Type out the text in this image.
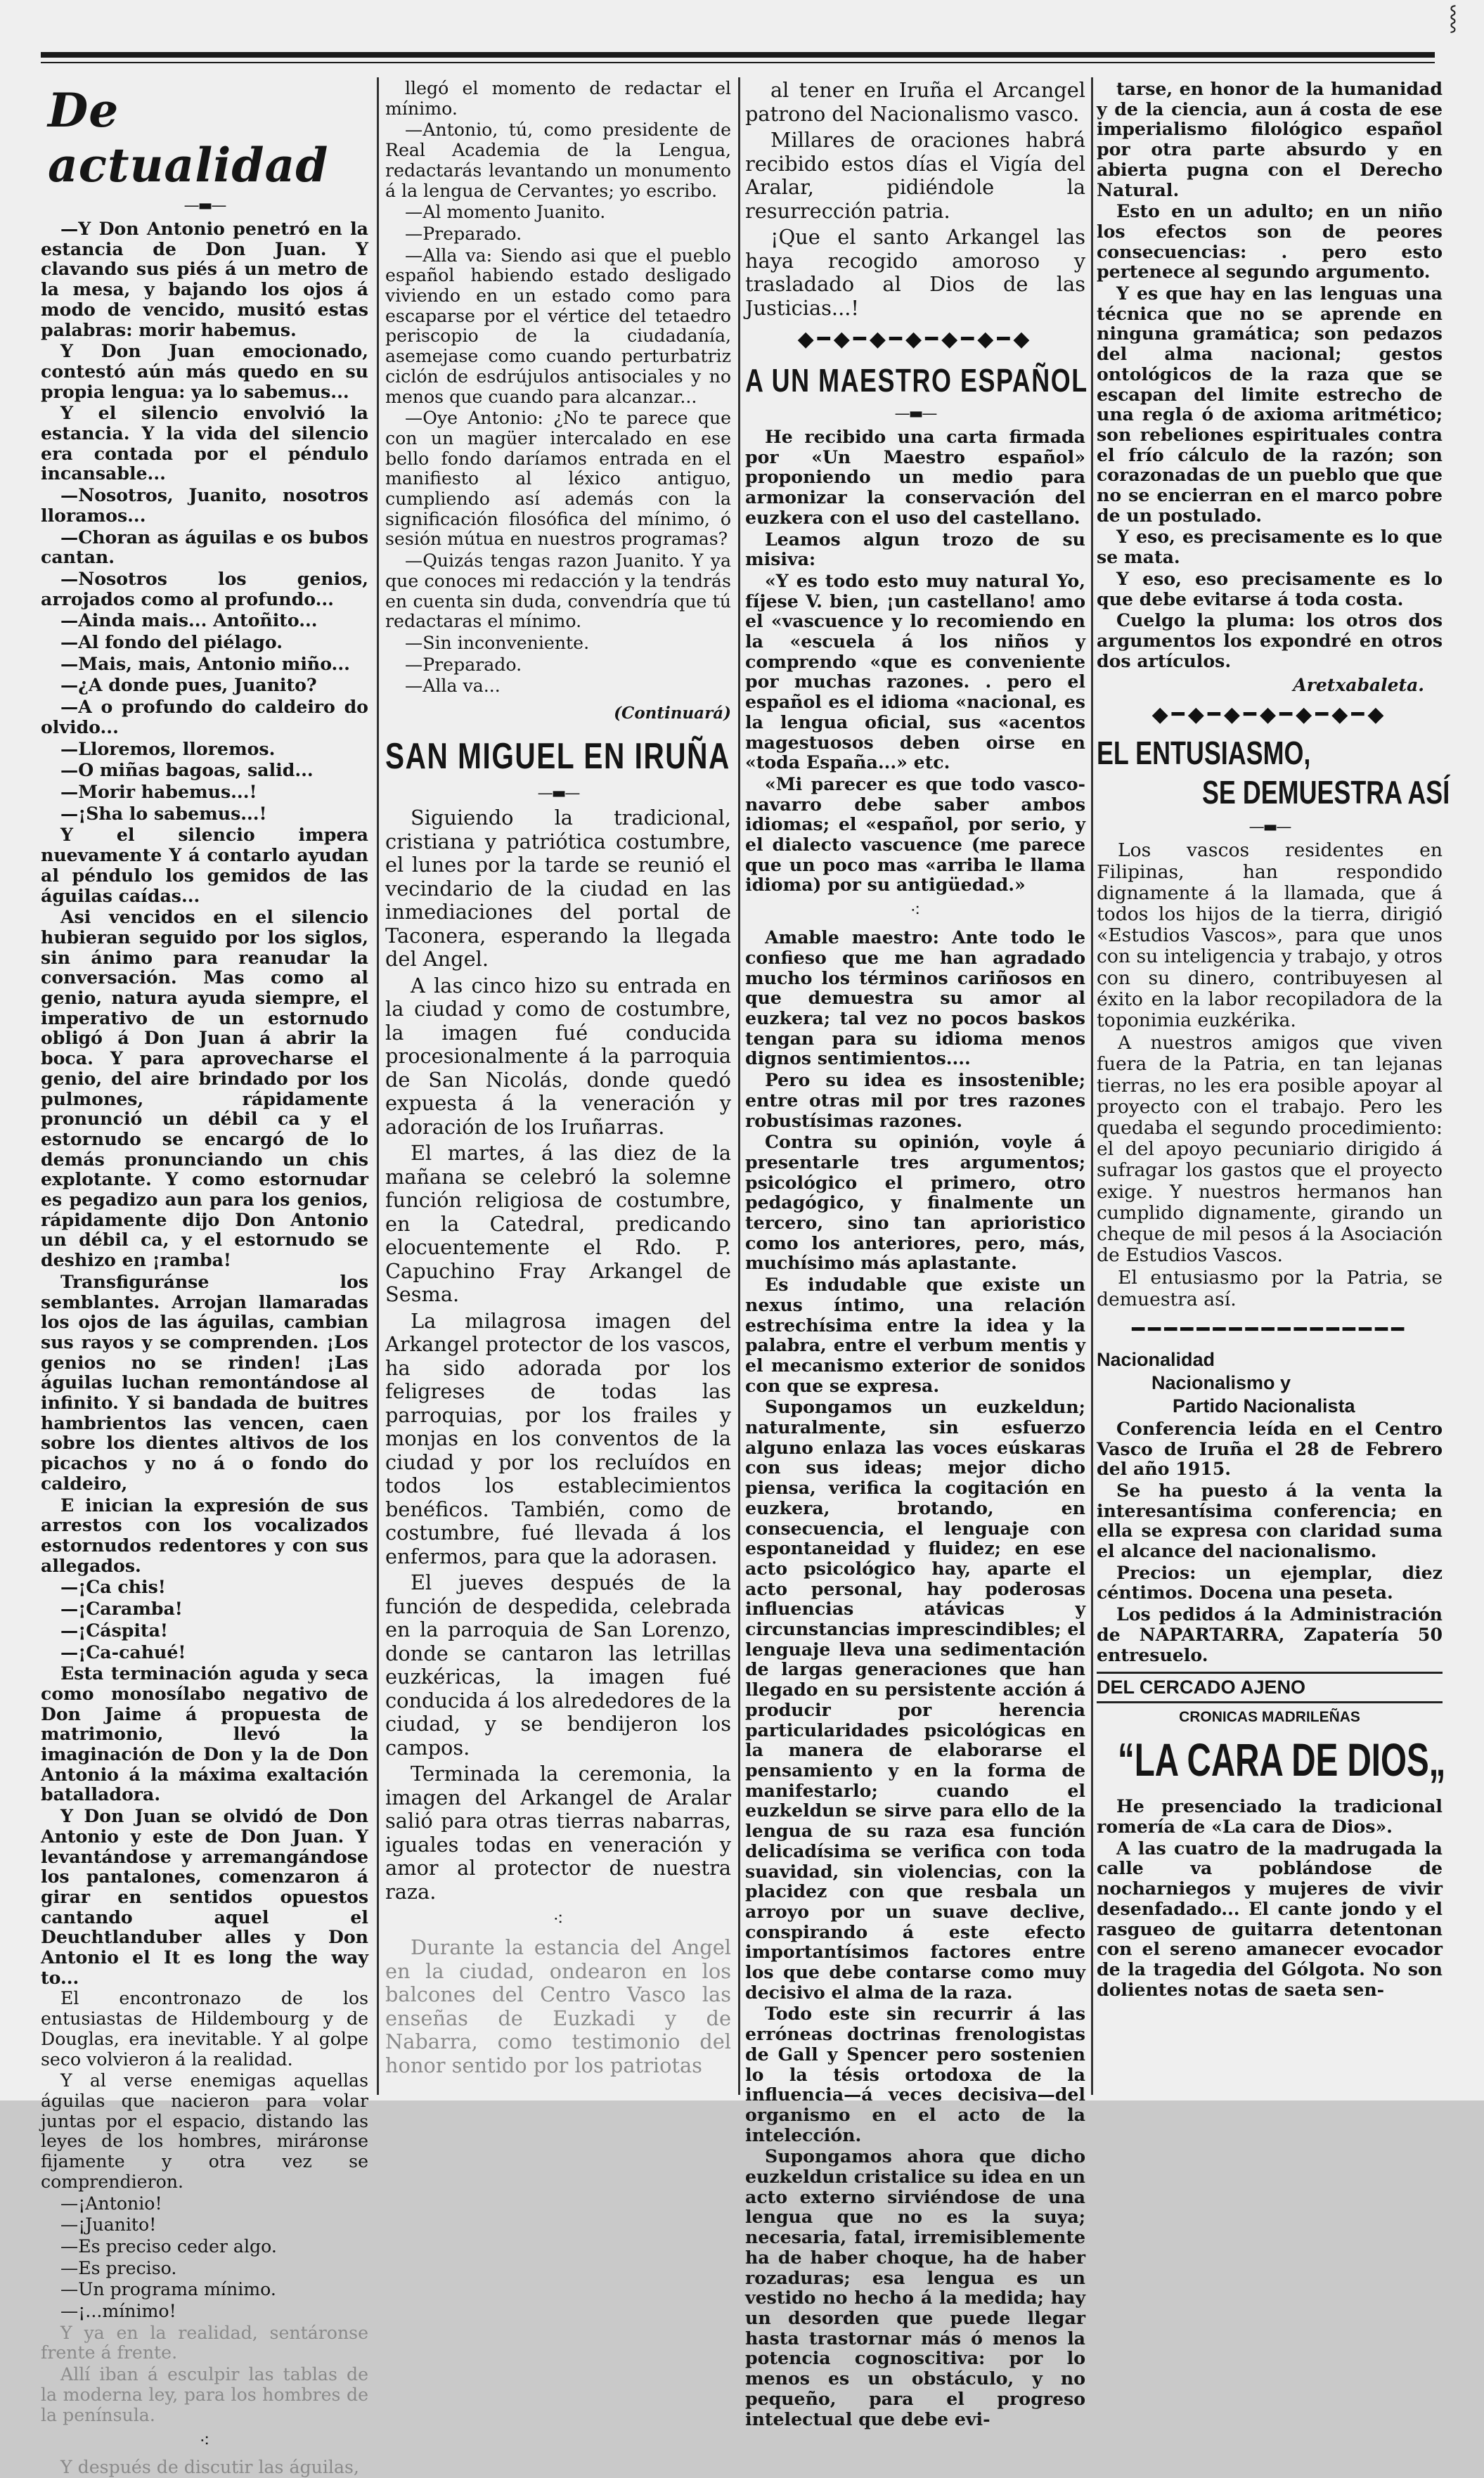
⸾
De actualidad
—▬—

—Y Don Antonio penetró en la estancia de Don Juan. Y clavando sus piés á un metro de la mesa, y bajando los ojos á modo de vencido, musitó estas palabras: morir habemus.

Y Don Juan emocionado, contestó aún más quedo en su propia lengua: ya lo sabemus...

Y el silencio envolvió la estancia. Y la vida del silencio era contada por el péndulo incansable...

—Nosotros, Juanito, nosotros lloramos...

—Choran as águilas e os bubos cantan.

—Nosotros los genios, arrojados como al profundo...

—Ainda mais... Antoñito...

—Al fondo del piélago.

—Mais, mais, Antonio miño...

—¿A donde pues, Juanito?

—A o profundo do caldeiro do olvido...

—Lloremos, lloremos.

—O miñas bagoas, salid...

—Morir habemus...!

—¡Sha lo sabemus...!

Y el silencio impera nuevamente Y á contarlo ayudan al péndulo los gemidos de las águilas caídas...

Asi vencidos en el silencio hubieran seguido por los siglos, sin ánimo para reanudar la conversación. Mas como al genio, natura ayuda siempre, el imperativo de un estornudo obligó á Don Juan á abrir la boca. Y para aprovecharse el genio, del aire brindado por los pulmones, rápidamente pronunció un débil ca y el estornudo se encargó de lo demás pronunciando un chis explotante. Y como estornudar es pegadizo aun para los genios, rápidamente dijo Don Antonio un débil ca, y el estornudo se deshizo en ¡ramba!

Transfiguránse los semblantes. Arrojan llamaradas los ojos de las águilas, cambian sus rayos y se comprenden. ¡Los genios no se rinden! ¡Las águilas luchan remontándose al infinito. Y si bandada de buitres hambrientos las vencen, caen sobre los dientes altivos de los picachos y no á o fondo do caldeiro,

E inician la expresión de sus arrestos con los vocalizados estornudos redentores y con sus allegados.

—¡Ca chis!

—¡Caramba!

—¡Cáspita!

—¡Ca-cahué!

Esta terminación aguda y seca como monosílabo negativo de Don Jaime á propuesta de matrimonio, llevó la imaginación de Don y la de Don Antonio á la máxima exaltación batalladora.

Y Don Juan se olvidó de Don Antonio y este de Don Juan. Y levantándose y arremangándose los pantalones, comenzaron á girar en sentidos opuestos cantando aquel el Deuchtlanduber alles y Don Antonio el It es long the way to...

El encontronazo de los entusiastas de Hildembourg y de Douglas, era inevitable. Y al golpe seco volvieron á la realidad.

Y al verse enemigas aquellas águilas que nacieron para volar juntas por el espacio, distando las leyes de los hombres, miráronse fijamente y otra vez se comprendieron.

—¡Antonio!

—¡Juanito!

—Es preciso ceder algo.

—Es preciso.

—Un programa mínimo.

—¡...mínimo!

Y ya en la realidad, sentáronse frente á frente.

Allí iban á esculpir las tablas de la moderna ley, para los hombres de la península.

⁖

Y después de discutir las águilas,

llegó el momento de redactar el mínimo.

—Antonio, tú, como presidente de Real Academia de la Lengua, redactarás levantando un monumento á la lengua de Cervantes; yo escribo.

—Al momento Juanito.

—Preparado.

—Alla va: Siendo asi que el pueblo español habiendo estado desligado viviendo en un estado como para escaparse por el vértice del tetaedro periscopio de la ciudadanía, asemejase como cuando perturbatriz ciclón de esdrújulos antisociales y no menos que cuando para alcanzar...

—Oye Antonio: ¿No te parece que con un magüer intercalado en ese bello fondo daríamos entrada en el manifiesto al léxico antiguo, cumpliendo así además con la significación filosófica del mínimo, ó sesión mútua en nuestros programas?

—Quizás tengas razon Juanito. Y ya que conoces mi redacción y la tendrás en cuenta sin duda, convendría que tú redactaras el mínimo.

—Sin inconveniente.

—Preparado.

—Alla va...

(Continuará)
SAN MIGUEL EN IRUÑA
—▬—

Siguiendo la tradicional, cristiana y patriótica costumbre, el lunes por la tarde se reunió el vecindario de la ciudad en las inmediaciones del portal de Taconera, esperando la llegada del Angel.

A las cinco hizo su entrada en la ciudad y como de costumbre, la imagen fué conducida procesionalmente á la parroquia de San Nicolás, donde quedó expuesta á la veneración y adoración de los Iruñarras.

El martes, á las diez de la mañana se celebró la solemne función religiosa de costumbre, en la Catedral, predicando elocuentemente el Rdo. P. Capuchino Fray Arkangel de Sesma.

La milagrosa imagen del Arkangel protector de los vascos, ha sido adorada por los feligreses de todas las parroquias, por los frailes y monjas en los conventos de la ciudad y por los recluídos en todos los establecimientos benéficos. También, como de costumbre, fué llevada á los enfermos, para que la adorasen.

El jueves después de la función de despedida, celebrada en la parroquia de San Lorenzo, donde se cantaron las letrillas euzkéricas, la imagen fué conducida á los alrededores de la ciudad, y se bendijeron los campos.

Terminada la ceremonia, la imagen del Arkangel de Aralar salió para otras tierras nabarras, iguales todas en veneración y amor al protector de nuestra raza.

⁖

Durante la estancia del Angel en la ciudad, ondearon en los balcones del Centro Vasco las enseñas de Euzkadi y de Nabarra, como testimonio del honor sentido por los patriotas

al tener en Iruña el Arcangel patrono del Nacionalismo vasco.

Millares de oraciones habrá recibido estos días el Vigía del Aralar, pidiéndole la resurrección patria.

¡Que el santo Arkangel las haya recogido amoroso y trasladado al Dios de las Justicias...!

◆━◆━◆━◆━◆━◆━◆
A UN MAESTRO ESPAÑOL
—▬—

He recibido una carta firmada por «Un Maestro español» proponiendo un medio para armonizar la conservación del euzkera con el uso del castellano.

Leamos algun trozo de su misiva:

«Y es todo esto muy natural Yo, fíjese V. bien, ¡un castellano! amo el «vascuence y lo recomiendo en la «escuela á los niños y comprendo «que es conveniente por muchas razones. . pero el español es el idioma «nacional, es la lengua oficial, sus «acentos magestuosos deben oirse en «toda España...» etc.

«Mi parecer es que todo vasco-navarro debe saber ambos idiomas; el «español, por serio, y el dialecto vascuence (me parece que un poco mas «arriba le llama idioma) por su antigüedad.»

⁖

Amable maestro: Ante todo le confieso que me han agradado mucho los términos cariñosos en que demuestra su amor al euzkera; tal vez no pocos baskos tengan para su idioma menos dignos sentimientos....

Pero su idea es insostenible; entre otras mil por tres razones robustísimas razones.

Contra su opinión, voyle á presentarle tres argumentos; psicológico el primero, otro pedagógico, y finalmente un tercero, sino tan aprioristico como los anteriores, pero, más, muchísimo más aplastante.

Es indudable que existe un nexus íntimo, una relación estrechísima entre la idea y la palabra, entre el verbum mentis y el mecanismo exterior de sonidos con que se expresa.

Supongamos un euzkeldun; naturalmente, sin esfuerzo alguno enlaza las voces eúskaras con sus ideas; mejor dicho piensa, verifica la cogitación en euzkera, brotando, en consecuencia, el lenguaje con espontaneidad y fluidez; en ese acto psicológico hay, aparte el acto personal, hay poderosas influencias atávicas y circunstancias imprescindibles; el lenguaje lleva una sedimentación de largas generaciones que han llegado en su persistente acción á producir por herencia particularidades psicológicas en la manera de elaborarse el pensamiento y en la forma de manifestarlo; cuando el euzkeldun se sirve para ello de la lengua de su raza esa función delicadísima se verifica con toda suavidad, sin violencias, con la placidez con que resbala un arroyo por un suave declive, conspirando á este efecto importantísimos factores entre los que debe contarse como muy decisivo el alma de la raza.

Todo este sin recurrir á las erróneas doctrinas frenologistas de Gall y Spencer pero sostenien lo la tésis ortodoxa de la influencia—á veces decisiva—del organismo en el acto de la intelección.

Supongamos ahora que dicho euzkeldun cristalice su idea en un acto externo sirviéndose de una lengua que no es la suya; necesaria, fatal, irremisiblemente ha de haber choque, ha de haber rozaduras; esa lengua es un vestido no hecho á la medida; hay un desorden que puede llegar hasta trastornar más ó menos la potencia cognoscitiva: por lo menos es un obstáculo, y no pequeño, para el progreso intelectual que debe evi-

tarse, en honor de la humanidad y de la ciencia, aun á costa de ese imperialismo filológico español por otra parte absurdo y en abierta pugna con el Derecho Natural.

Esto en un adulto; en un niño los efectos son de peores consecuencias: . pero esto pertenece al segundo argumento.

Y es que hay en las lenguas una técnica que no se aprende en ninguna gramática; son pedazos del alma nacional; gestos ontológicos de la raza que se escapan del limite estrecho de una regla ó de axioma aritmético; son rebeliones espirituales contra el frío cálculo de la razón; son corazonadas de un pueblo que que no se encierran en el marco pobre de un postulado.

Y eso, es precisamente es lo que se mata.

Y eso, eso precisamente es lo que debe evitarse á toda costa.

Cuelgo la pluma: los otros dos argumentos los expondré en otros dos artículos.

Aretxabaleta.
◆━◆━◆━◆━◆━◆━◆
EL ENTUSIASMO,
SE DEMUESTRA ASÍ
—▬—

Los vascos residentes en Filipinas, han respondido dignamente á la llamada, que á todos los hijos de la tierra, dirigió «Estudios Vascos», para que unos con su inteligencia y trabajo, y otros con su dinero, contribuyesen al éxito en la labor recopiladora de la toponimia euzkérika.

A nuestros amigos que viven fuera de la Patria, en tan lejanas tierras, no les era posible apoyar al proyecto con el trabajo. Pero les quedaba el segundo procedimiento: el del apoyo pecuniario dirigido á sufragar los gastos que el proyecto exige. Y nuestros hermanos han cumplido dignamente, girando un cheque de mil pesos á la Asociación de Estudios Vascos.

El entusiasmo por la Patria, se demuestra así.

━━━━━━━━━━━━━━━━━
Nacionalidad
Nacionalismo y
Partido Nacionalista

Conferencia leída en el Centro Vasco de Iruña el 28 de Febrero del año 1915.

Se ha puesto á la venta la interesantísima conferencia; en ella se expresa con claridad suma el alcance del nacionalismo.

Precios: un ejemplar, diez céntimos. Docena una peseta.

Los pedidos á la Administración de NAPARTARRA, Zapatería 50 entresuelo.

DEL CERCADO AJENO
CRONICAS MADRILEÑAS
“LA CARA DE DIOS„

He presenciado la tradicional romería de «La cara de Dios».

A las cuatro de la madrugada la calle va poblándose de nocharniegos y mujeres de vivir desenfadado... El cante jondo y el rasgueo de guitarra detentonan con el sereno amanecer evocador de la tragedia del Gólgota. No son dolientes notas de saeta sen-
